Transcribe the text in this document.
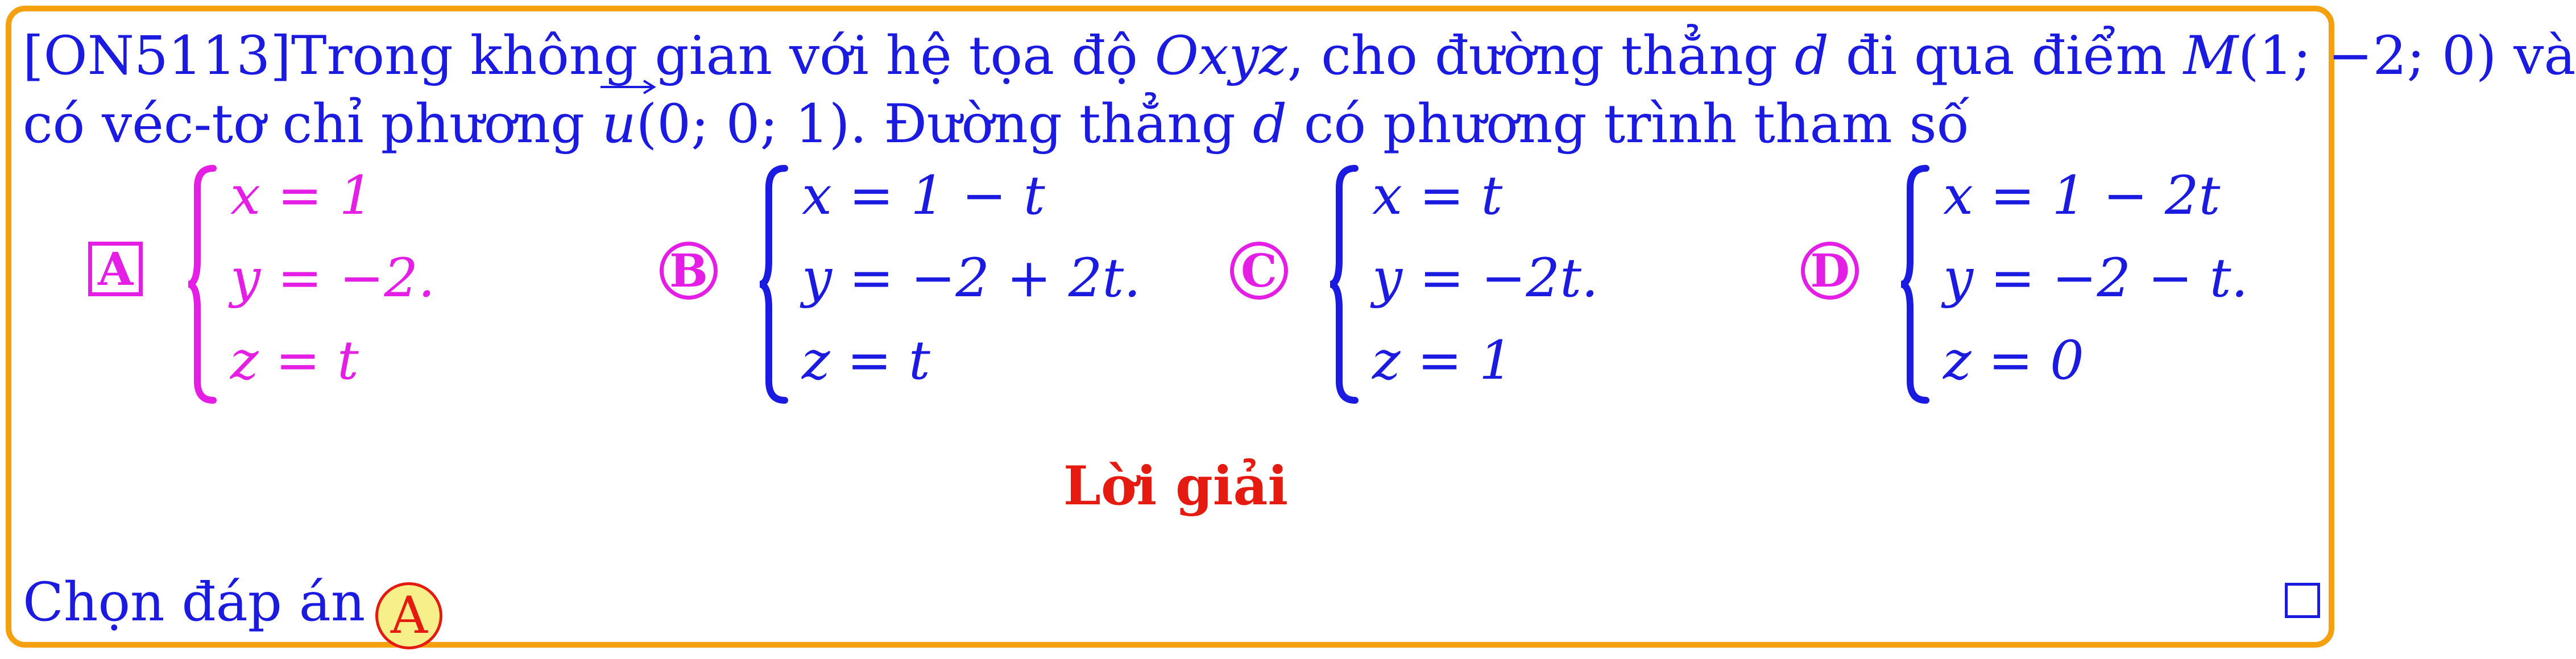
[ON5113]Trong không gian với hệ tọa độ Oxyz, cho đường thẳng d đi qua điểm M(1; −2; 0) và
có véc-tơ chỉ phương
u(0; 0; 1). Đường thẳng d có phương trình tham số
A
x = 1
y = −2.
z = t
B
x = 1 − t
y = −2 + 2t.
z = t
C
x = t
y = −2t.
z = 1
D
x = 1 − 2t
y = −2 − t.
z = 0
Lời giải
Chọn đáp án A
